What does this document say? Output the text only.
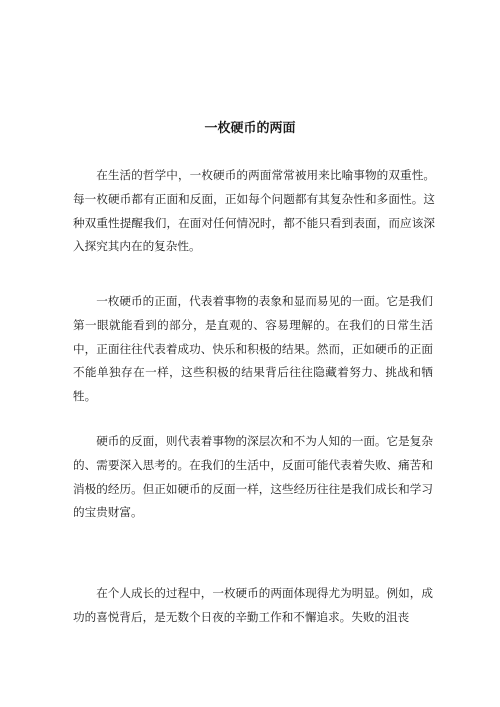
一枚硬币的两面

在生活的哲学中，一枚硬币的两面常常被用来比喻事物的双重性。每一枚硬币都有正面和反面，正如每个问题都有其复杂性和多面性。这种双重性提醒我们，在面对任何情况时，都不能只看到表面，而应该深入探究其内在的复杂性。

一枚硬币的正面，代表着事物的表象和显而易见的一面。它是我们第一眼就能看到的部分，是直观的、容易理解的。在我们的日常生活中，正面往往代表着成功、快乐和积极的结果。然而，正如硬币的正面不能单独存在一样，这些积极的结果背后往往隐藏着努力、挑战和牺牲。

硬币的反面，则代表着事物的深层次和不为人知的一面。它是复杂的、需要深入思考的。在我们的生活中，反面可能代表着失败、痛苦和消极的经历。但正如硬币的反面一样，这些经历往往是我们成长和学习的宝贵财富。

在个人成长的过程中，一枚硬币的两面体现得尤为明显。例如，成功的喜悦背后，是无数个日夜的辛勤工作和不懈追求。失败的沮丧
